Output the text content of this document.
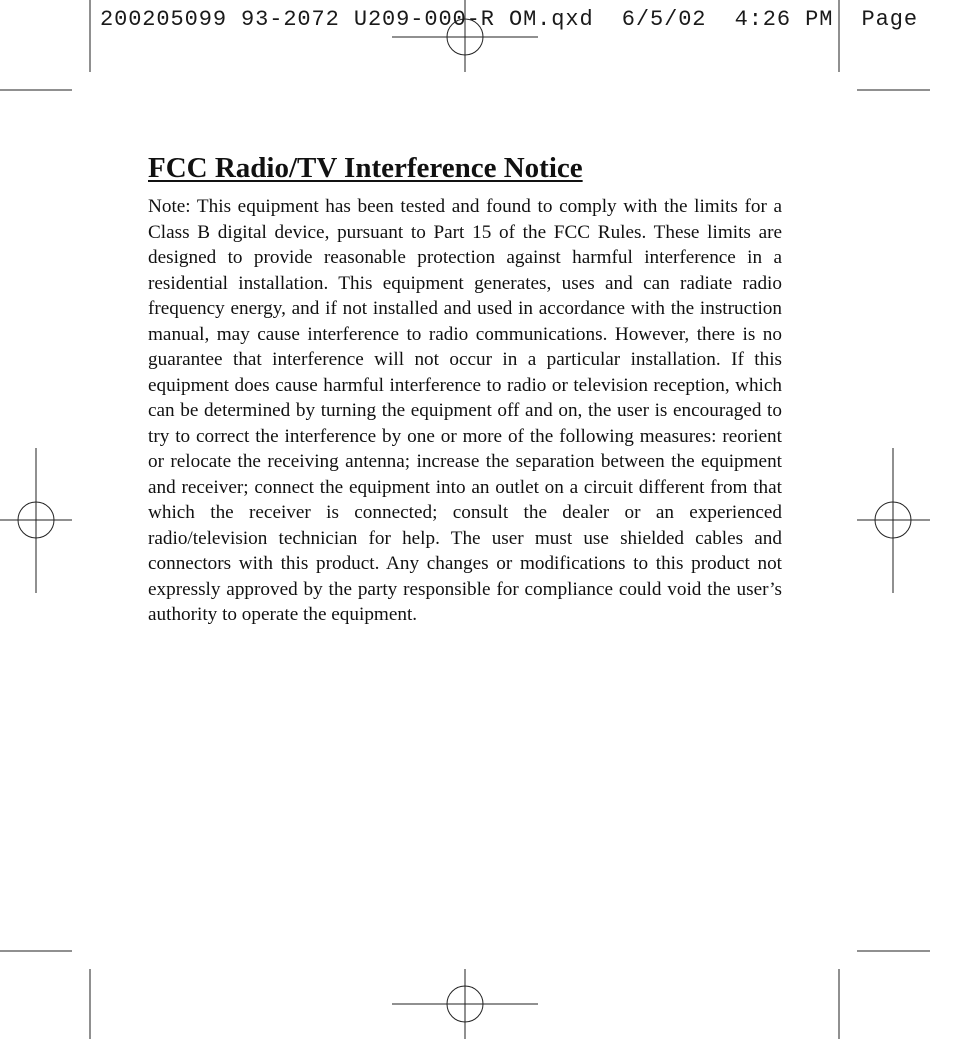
200205099 93-2072 U209-000-R OM.qxd  6/5/02  4:26 PM  Page
FCC Radio/TV Interference Notice

Note: This equipment has been tested and found to comply with the limits for a Class B digital device, pursuant to Part 15 of the FCC Rules. These limits are designed to provide reasonable protection against harmful interference in a residential installation. This equipment generates, uses and can radiate radio frequency energy, and if not installed and used in accordance with the instruction manual, may cause interference to radio communications. However, there is no guarantee that interference will not occur in a particular installation. If this equipment does cause harmful interference to radio or television reception, which can be determined by turning the equipment off and on, the user is encouraged to try to correct the interference by one or more of the following measures: reorient or relocate the receiving antenna; increase the separation between the equipment and receiver; connect the equipment into an outlet on a circuit different from that which the receiver is connected; consult the dealer or an experienced radio/television technician for help. The user must use shielded cables and connectors with this product. Any changes or modifications to this product not expressly approved by the party responsible for compliance could void the user’s authority to operate the equipment.
